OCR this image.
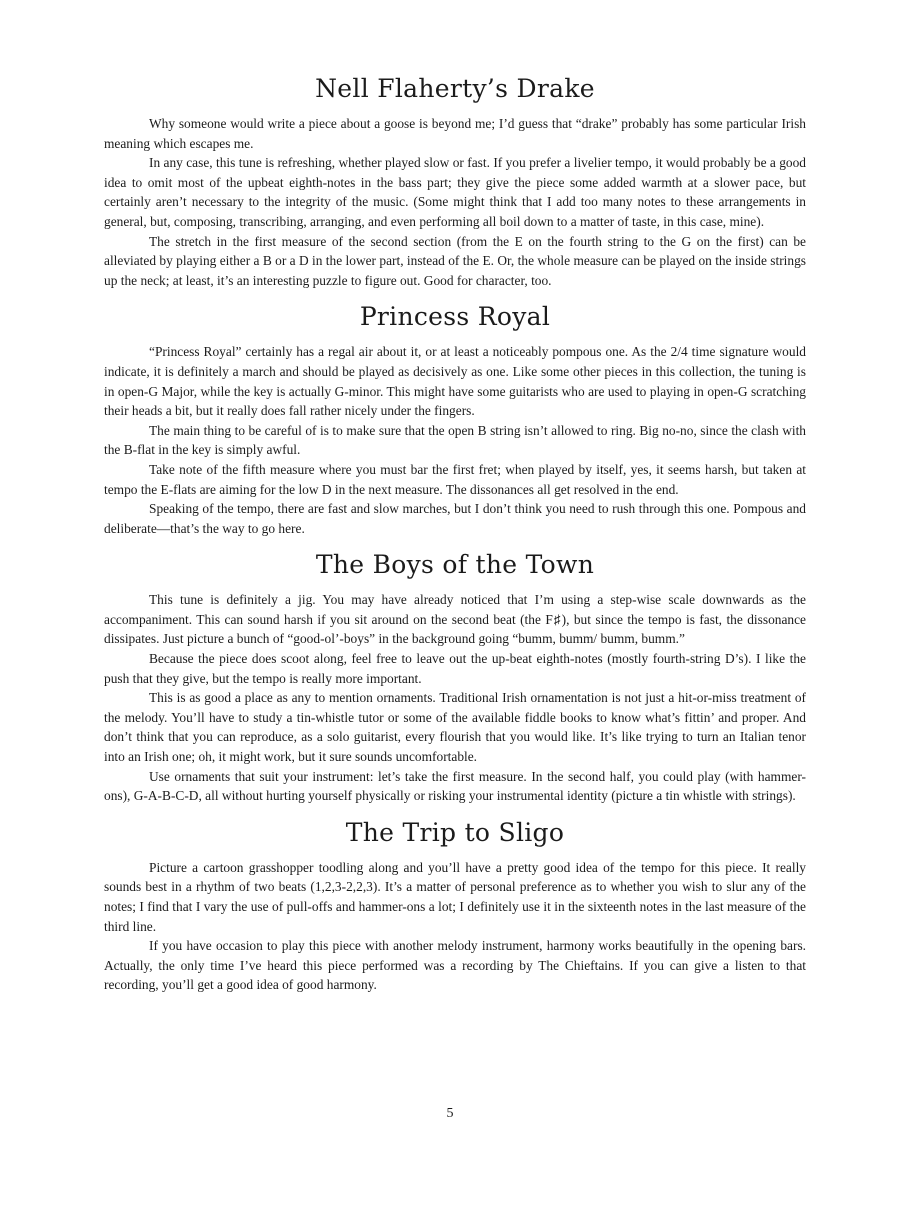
Nell Flaherty’s Drake

Why someone would write a piece about a goose is beyond me; I’d guess that “drake” probably has some particular Irish meaning which escapes me.

In any case, this tune is refreshing, whether played slow or fast. If you prefer a livelier tempo, it would probably be a good idea to omit most of the upbeat eighth-notes in the bass part; they give the piece some added warmth at a slower pace, but certainly aren’t necessary to the integrity of the music. (Some might think that I add too many notes to these arrangements in general, but, composing, transcribing, arranging, and even performing all boil down to a matter of taste, in this case, mine).

The stretch in the first measure of the second section (from the E on the fourth string to the G on the first) can be alleviated by playing either a B or a D in the lower part, instead of the E. Or, the whole measure can be played on the inside strings up the neck; at least, it’s an interesting puzzle to figure out. Good for character, too.

Princess Royal

“Princess Royal” certainly has a regal air about it, or at least a noticeably pompous one. As the 2/4 time signature would indicate, it is definitely a march and should be played as decisively as one. Like some other pieces in this collection, the tuning is in open-G Major, while the key is actually G-minor. This might have some guitarists who are used to playing in open-G scratching their heads a bit, but it really does fall rather nicely under the fingers.

The main thing to be careful of is to make sure that the open B string isn’t allowed to ring. Big no-no, since the clash with the B-flat in the key is simply awful.

Take note of the fifth measure where you must bar the first fret; when played by itself, yes, it seems harsh, but taken at tempo the E-flats are aiming for the low D in the next measure. The dissonances all get resolved in the end.

Speaking of the tempo, there are fast and slow marches, but I don’t think you need to rush through this one. Pompous and deliberate—that’s the way to go here.

The Boys of the Town

This tune is definitely a jig. You may have already noticed that I’m using a step-wise scale downwards as the accompaniment. This can sound harsh if you sit around on the second beat (the F♯), but since the tempo is fast, the dissonance dissipates. Just picture a bunch of “good-ol’-boys” in the background going “bumm, bumm/ bumm, bumm.”

Because the piece does scoot along, feel free to leave out the up-beat eighth-notes (mostly fourth-string D’s). I like the push that they give, but the tempo is really more important.

This is as good a place as any to mention ornaments. Traditional Irish ornamentation is not just a hit-or-miss treatment of the melody. You’ll have to study a tin-whistle tutor or some of the available fiddle books to know what’s fittin’ and proper. And don’t think that you can reproduce, as a solo guitarist, every flourish that you would like. It’s like trying to turn an Italian tenor into an Irish one; oh, it might work, but it sure sounds uncomfortable.

Use ornaments that suit your instrument: let’s take the first measure. In the second half, you could play (with hammer-ons), G-A-B-C-D, all without hurting yourself physically or risking your instrumental identity (picture a tin whistle with strings).

The Trip to Sligo

Picture a cartoon grasshopper toodling along and you’ll have a pretty good idea of the tempo for this piece. It really sounds best in a rhythm of two beats (1,2,3-2,2,3). It’s a matter of personal preference as to whether you wish to slur any of the notes; I find that I vary the use of pull-offs and hammer-ons a lot; I definitely use it in the sixteenth notes in the last measure of the third line.

If you have occasion to play this piece with another melody instrument, harmony works beautifully in the opening bars. Actually, the only time I’ve heard this piece performed was a recording by The Chieftains. If you can give a listen to that recording, you’ll get a good idea of good harmony.

5
